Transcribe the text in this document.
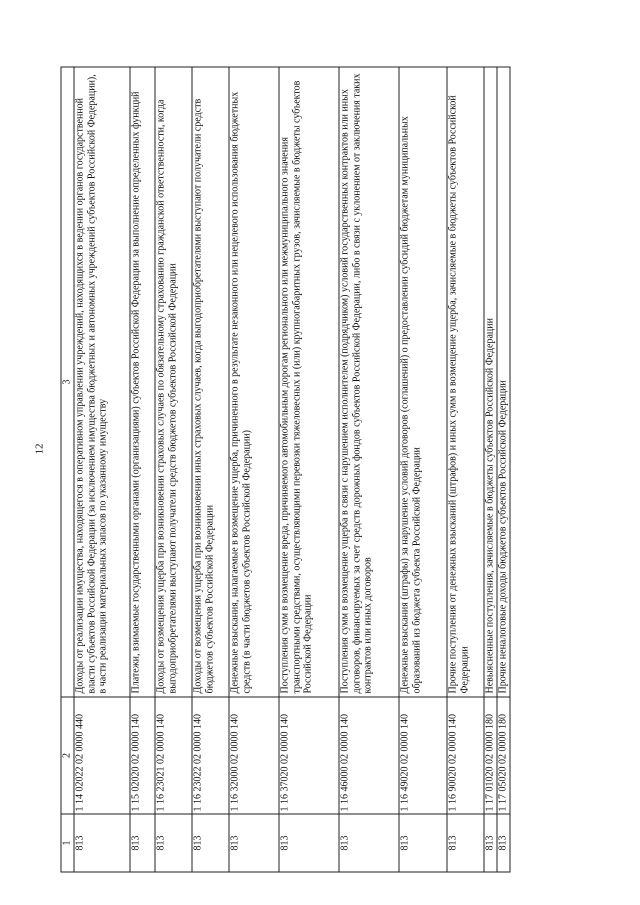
12
1	2	3
813	1 14 02022 02 0000 440	Доходы от реализации имущества, находящегося в оперативном управлении учреждений, находящихся в ведении органов государственной власти субъектов Российской Федерации (за исключением имущества бюджетных и автономных учреждений субъектов Российской Федерации), в части реализации материальных запасов по указанному имуществу
813	1 15 02020 02 0000 140	Платежи, взимаемые государственными органами (организациями) субъектов Российской Федерации за выполнение определенных функций
813	1 16 23021 02 0000 140	Доходы от возмещения ущерба при возникновении страховых случаев по обязательному страхованию гражданской ответственности, когда выгодоприобретателями выступают получатели средств бюджетов субъектов Российской Федерации
813	1 16 23022 02 0000 140	Доходы от возмещения ущерба при возникновении иных страховых случаев, когда выгодоприобретателями выступают получатели средств бюджетов субъектов Российской Федерации
813	1 16 32000 02 0000 140	Денежные взыскания, налагаемые в возмещение ущерба, причиненного в результате незаконного или нецелевого использования бюджетных средств (в части бюджетов субъектов Российской Федерации)
813	1 16 37020 02 0000 140	Поступления сумм в возмещение вреда, причиняемого автомобильным дорогам регионального или межмуниципального значения транспортными средствами, осуществляющими перевозки тяжеловесных и (или) крупногабаритных грузов, зачисляемые в бюджеты субъектов Российской Федерации
813	1 16 46000 02 0000 140	Поступления сумм в возмещение ущерба в связи с нарушением исполнителем (подрядчиком) условий государственных контрактов или иных договоров, финансируемых за счет средств дорожных фондов субъектов Российской Федерации, либо в связи с уклонением от заключения таких контрактов или иных договоров
813	1 16 49020 02 0000 140	Денежные взыскания (штрафы) за нарушение условий договоров (соглашений) о предоставлении субсидий бюджетам муниципальных образований из бюджета субъекта Российской Федерации
813	1 16 90020 02 0000 140	Прочие поступления от денежных взысканий (штрафов) и иных сумм в возмещение ущерба, зачисляемые в бюджеты субъектов Российской Федерации
813	1 17 01020 02 0000 180	Невыясненные поступления, зачисляемые в бюджеты субъектов Российской Федерации
813	1 17 05020 02 0000 180	Прочие неналоговые доходы бюджетов субъектов Российской Федерации
